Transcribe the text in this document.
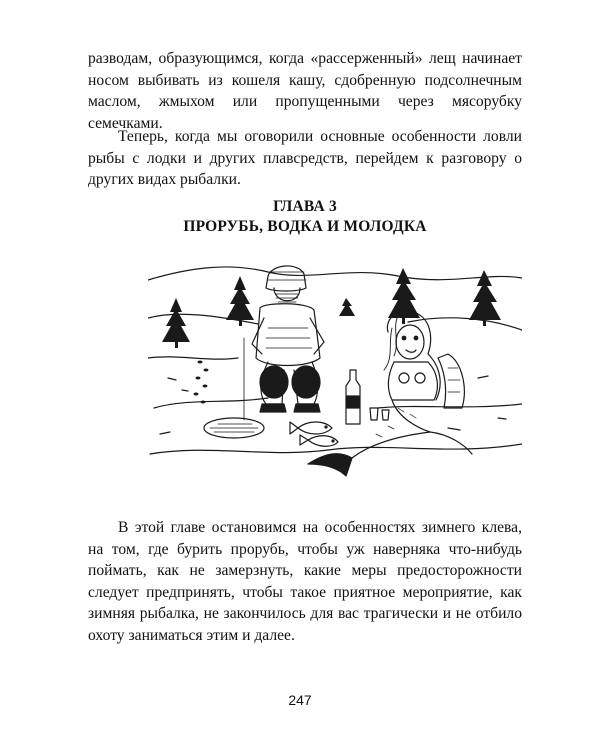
разводам, образующимся, когда «рассерженный» лещ начинает носом выбивать из кошеля кашу, сдобренную подсолнечным маслом, жмыхом или пропущенными через мясорубку семечками.

Теперь, когда мы оговорили основные особенности ловли рыбы с лодки и других плавсредств, перейдем к разговору о других видах рыбалки.

ГЛАВА 3
ПРОРУБЬ, ВОДКА И МОЛОДКА

В этой главе остановимся на особенностях зимнего клева, на том, где бурить прорубь, чтобы уж наверняка что-нибудь поймать, как не замерзнуть, какие меры предосторожности следует предпринять, чтобы такое приятное мероприятие, как зимняя рыбалка, не закончилось для вас трагически и не отбило охоту заниматься этим и далее.

247
